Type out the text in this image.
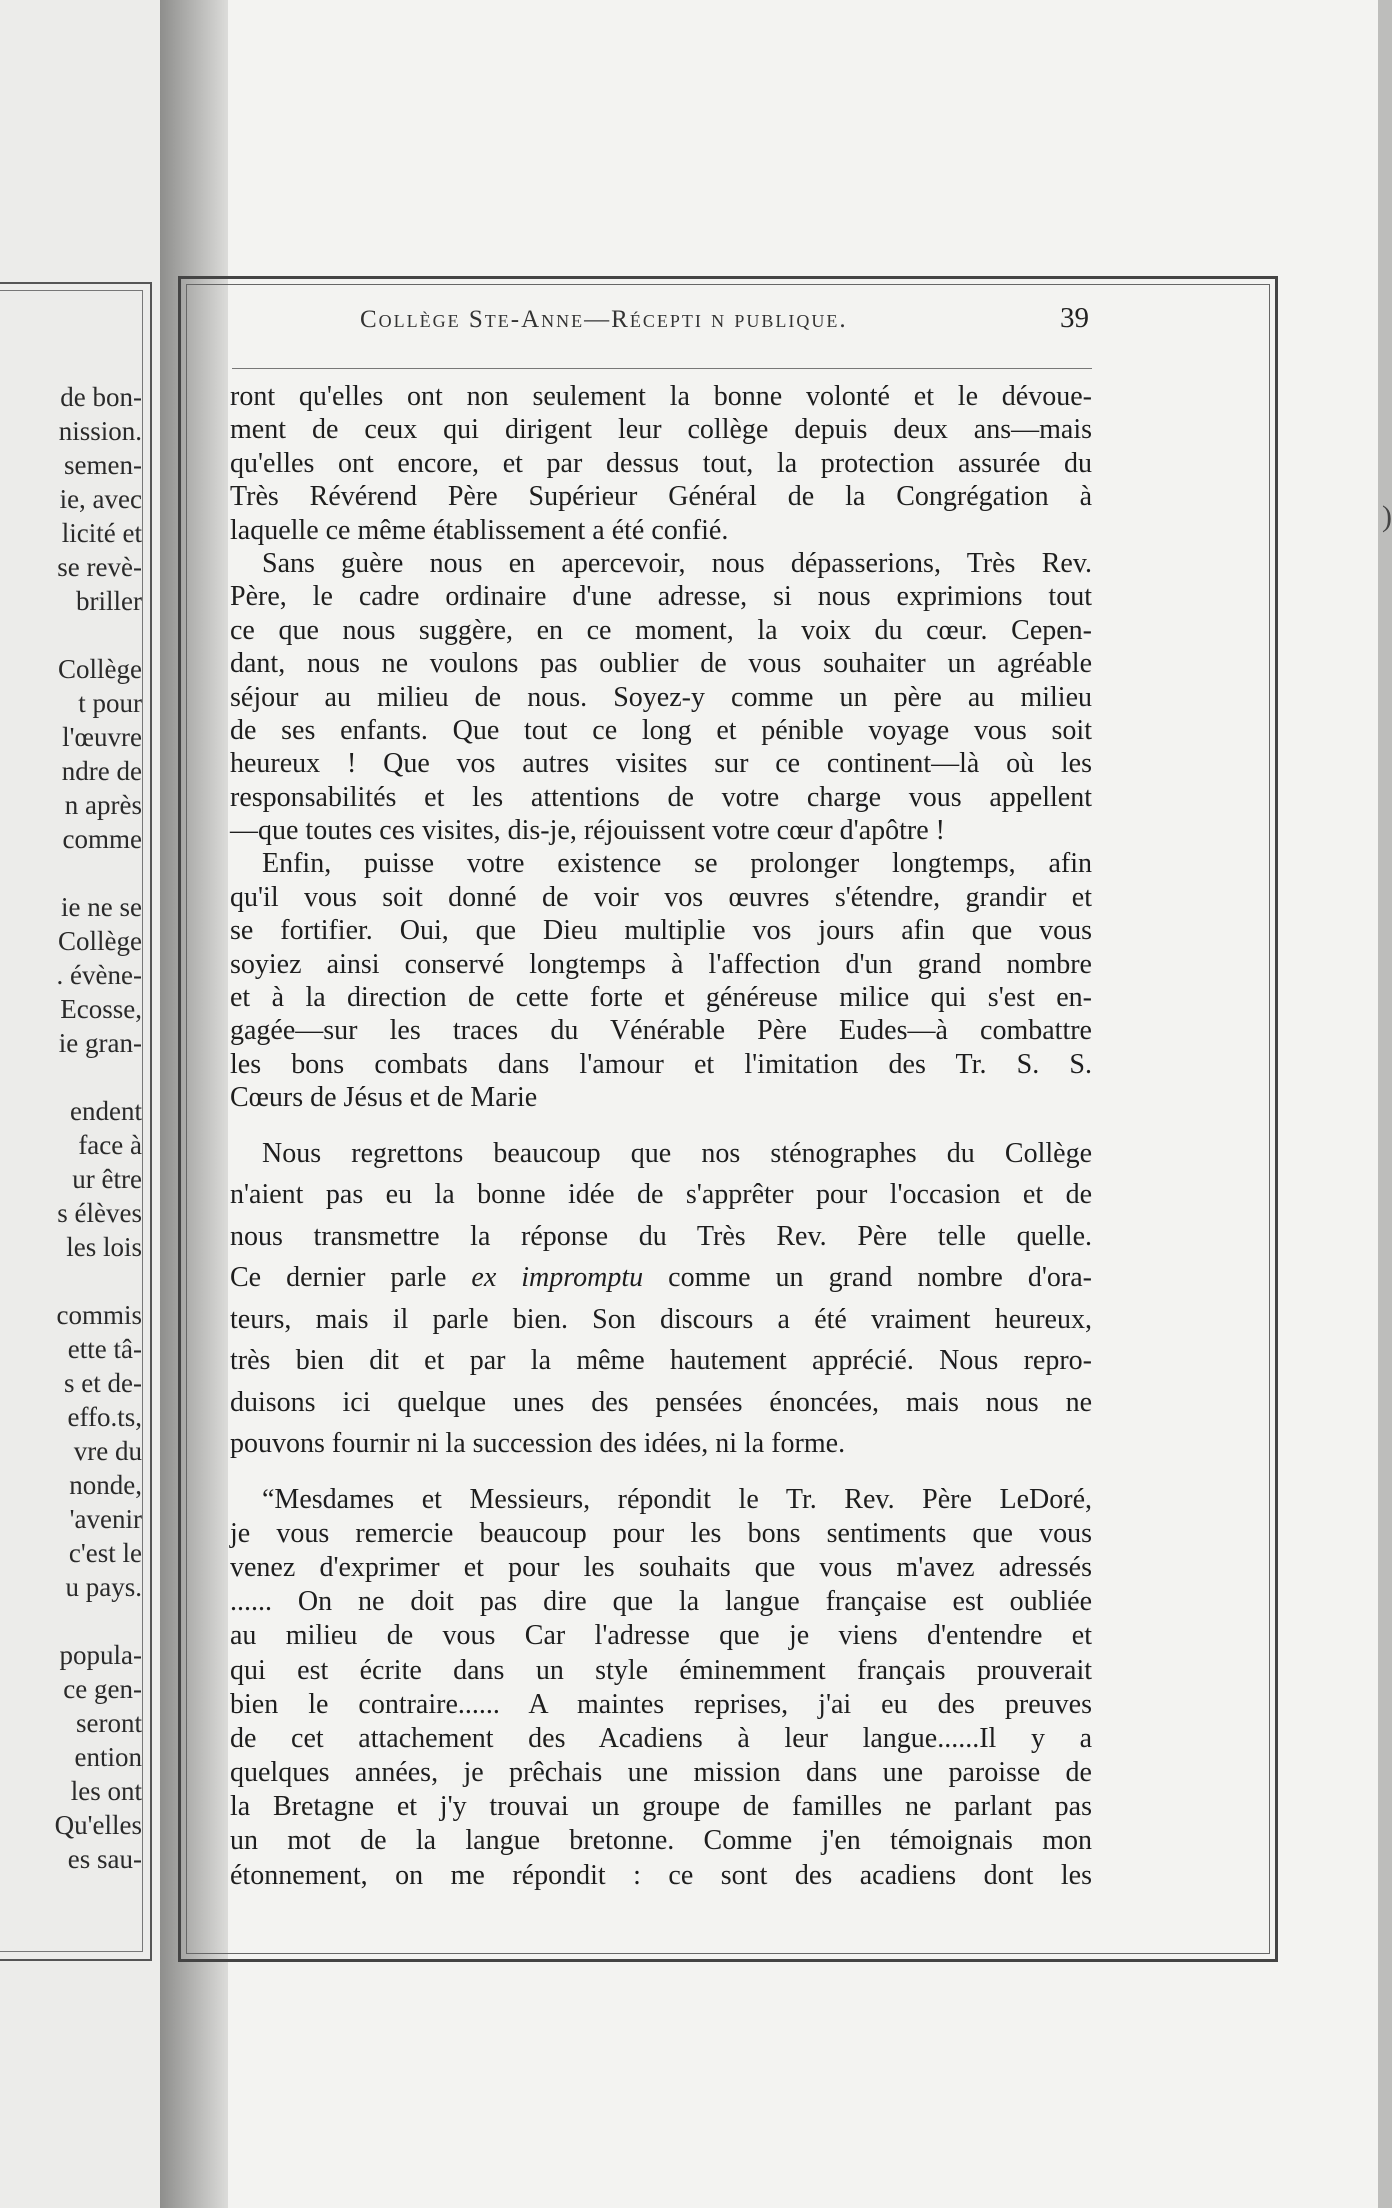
de bon-
nission.
semen-
ie, avec
licité et
se revè-
briller
Collège
t pour
l'œuvre
ndre de
n après
comme
ie ne se
Collège
. évène-
Ecosse,
ie gran-
endent
face à
ur être
s élèves
les lois
commis
ette tâ-
s et de-
effo.ts,
vre du
nonde,
'avenir
c'est le
u pays.
popula-
ce gen-
seront
ention
les ont
Qu'elles
es sau-
Collège Ste-Anne—Récepti n publique.	39
ront qu'elles ont non seulement la bonne volonté et le dévoue-
ment de ceux qui dirigent leur collège depuis deux ans—mais
qu'elles ont encore, et par dessus tout, la protection assurée du
Très Révérend Père Supérieur Général de la Congrégation à
laquelle ce même établissement a été confié.
Sans guère nous en apercevoir, nous dépasserions, Très Rev.
Père, le cadre ordinaire d'une adresse, si nous exprimions tout
ce que nous suggère, en ce moment, la voix du cœur. Cepen-
dant, nous ne voulons pas oublier de vous souhaiter un agréable
séjour au milieu de nous. Soyez-y comme un père au milieu
de ses enfants. Que tout ce long et pénible voyage vous soit
heureux ! Que vos autres visites sur ce continent—là où les
responsabilités et les attentions de votre charge vous appellent
—que toutes ces visites, dis-je, réjouissent votre cœur d'apôtre !
Enfin, puisse votre existence se prolonger longtemps, afin
qu'il vous soit donné de voir vos œuvres s'étendre, grandir et
se fortifier. Oui, que Dieu multiplie vos jours afin que vous
soyiez ainsi conservé longtemps à l'affection d'un grand nombre
et à la direction de cette forte et généreuse milice qui s'est en-
gagée—sur les traces du Vénérable Père Eudes—à combattre
les bons combats dans l'amour et l'imitation des Tr. S. S.
Cœurs de Jésus et de Marie
Nous regrettons beaucoup que nos sténographes du Collège
n'aient pas eu la bonne idée de s'apprêter pour l'occasion et de
nous transmettre la réponse du Très Rev. Père telle quelle.
Ce dernier parle ex impromptu comme un grand nombre d'ora-
teurs, mais il parle bien. Son discours a été vraiment heureux,
très bien dit et par la même hautement apprécié. Nous repro-
duisons ici quelque unes des pensées énoncées, mais nous ne
pouvons fournir ni la succession des idées, ni la forme.
“Mesdames et Messieurs, répondit le Tr. Rev. Père LeDoré,
je vous remercie beaucoup pour les bons sentiments que vous
venez d'exprimer et pour les souhaits que vous m'avez adressés
...... On ne doit pas dire que la langue française est oubliée
au milieu de vous Car l'adresse que je viens d'entendre et
qui est écrite dans un style éminemment français prouverait
bien le contraire...... A maintes reprises, j'ai eu des preuves
de cet attachement des Acadiens à leur langue......Il y a
quelques années, je prêchais une mission dans une paroisse de
la Bretagne et j'y trouvai un groupe de familles ne parlant pas
un mot de la langue bretonne. Comme j'en témoignais mon
étonnement, on me répondit : ce sont des acadiens dont les
)
